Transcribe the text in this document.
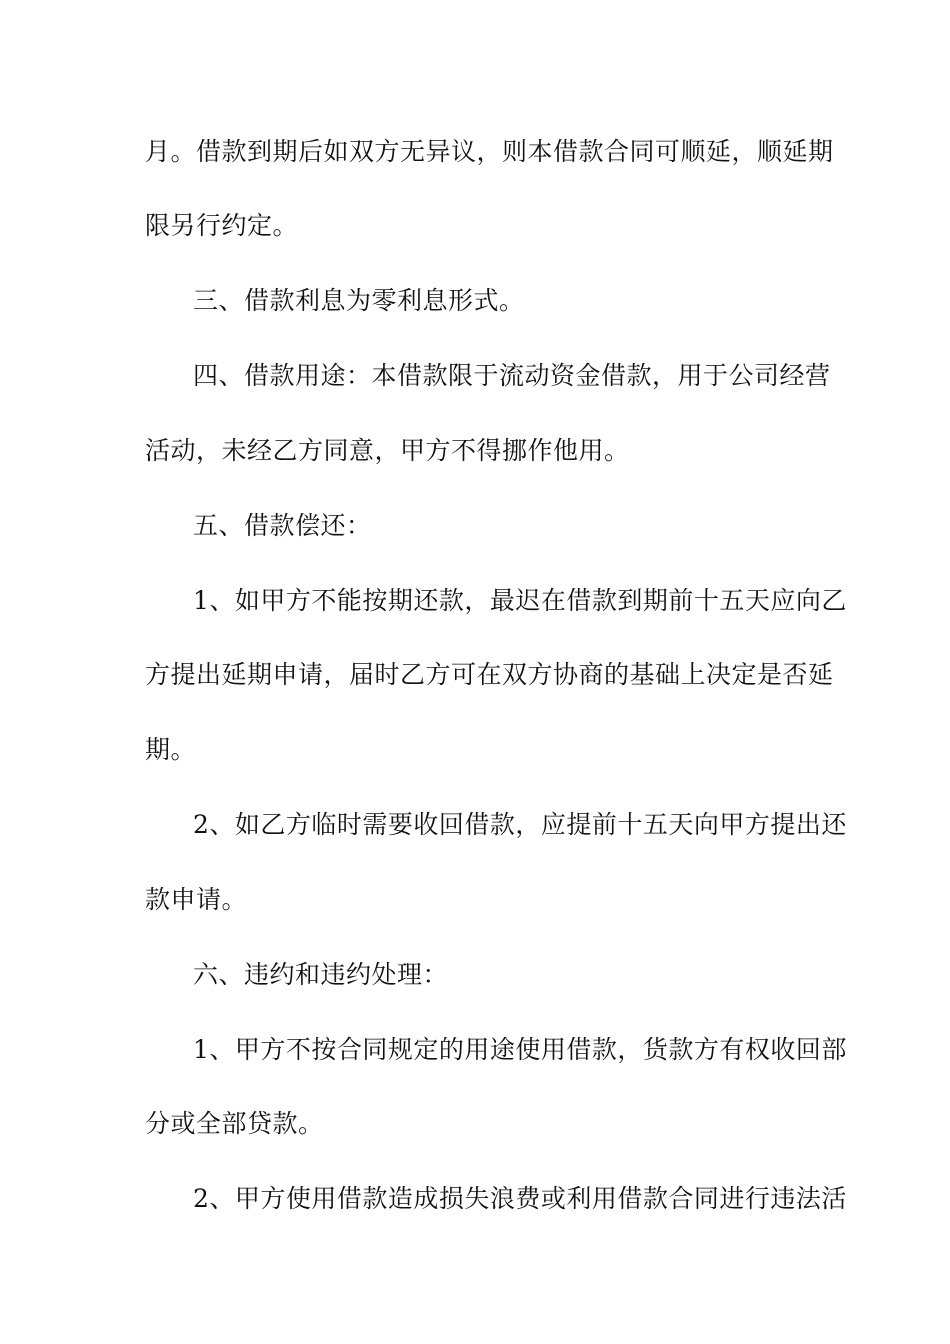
月。借款到期后如双方无异议，则本借款合同可顺延，顺延期
限另行约定。
三、借款利息为零利息形式。
四、借款用途：本借款限于流动资金借款，用于公司经营
活动，未经乙方同意，甲方不得挪作他用。
五、借款偿还：
1、如甲方不能按期还款，最迟在借款到期前十五天应向乙
方提出延期申请，届时乙方可在双方协商的基础上决定是否延
期。
2、如乙方临时需要收回借款，应提前十五天向甲方提出还
款申请。
六、违约和违约处理：
1、甲方不按合同规定的用途使用借款，货款方有权收回部
分或全部贷款。
2、甲方使用借款造成损失浪费或利用借款合同进行违法活
